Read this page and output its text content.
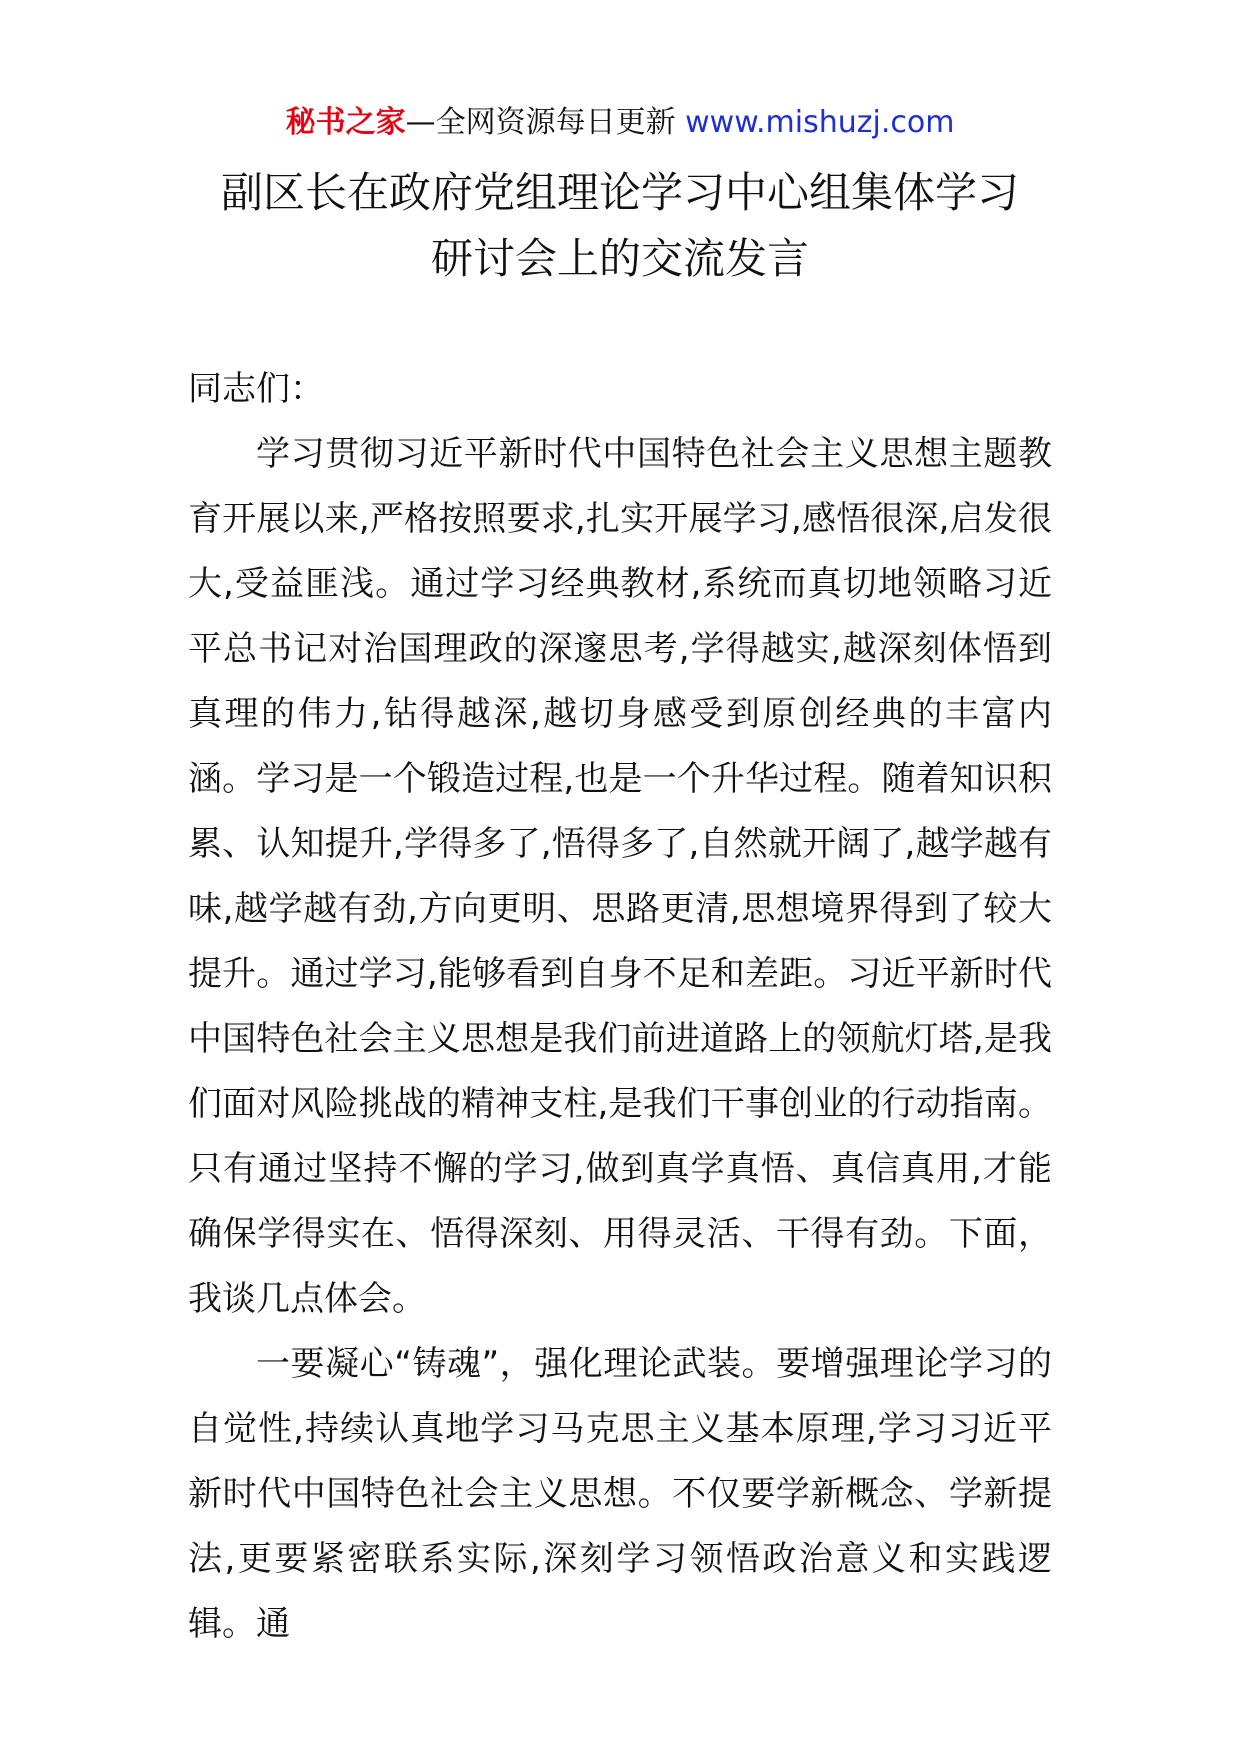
秘书之家—全网资源每日更新 www.mishuzj.com
副区长在政府党组理论学习中心组集体学习
研讨会上的交流发言

同志们：

学习贯彻习近平新时代中国特色社会主义思想主题教育开展以来,严格按照要求,扎实开展学习,感悟很深,启发很大,受益匪浅。通过学习经典教材,系统而真切地领略习近平总书记对治国理政的深邃思考,学得越实,越深刻体悟到真理的伟力,钻得越深,越切身感受到原创经典的丰富内涵。学习是一个锻造过程,也是一个升华过程。随着知识积累、认知提升,学得多了,悟得多了,自然就开阔了,越学越有味,越学越有劲,方向更明、思路更清,思想境界得到了较大提升。通过学习,能够看到自身不足和差距。习近平新时代中国特色社会主义思想是我们前进道路上的领航灯塔,是我们面对风险挑战的精神支柱,是我们干事创业的行动指南。只有通过坚持不懈的学习,做到真学真悟、真信真用,才能确保学得实在、悟得深刻、用得灵活、干得有劲。下面，我谈几点体会。

一要凝心“铸魂”，强化理论武装。要增强理论学习的自觉性,持续认真地学习马克思主义基本原理,学习习近平新时代中国特色社会主义思想。不仅要学新概念、学新提法,更要紧密联系实际,深刻学习领悟政治意义和实践逻辑。通
